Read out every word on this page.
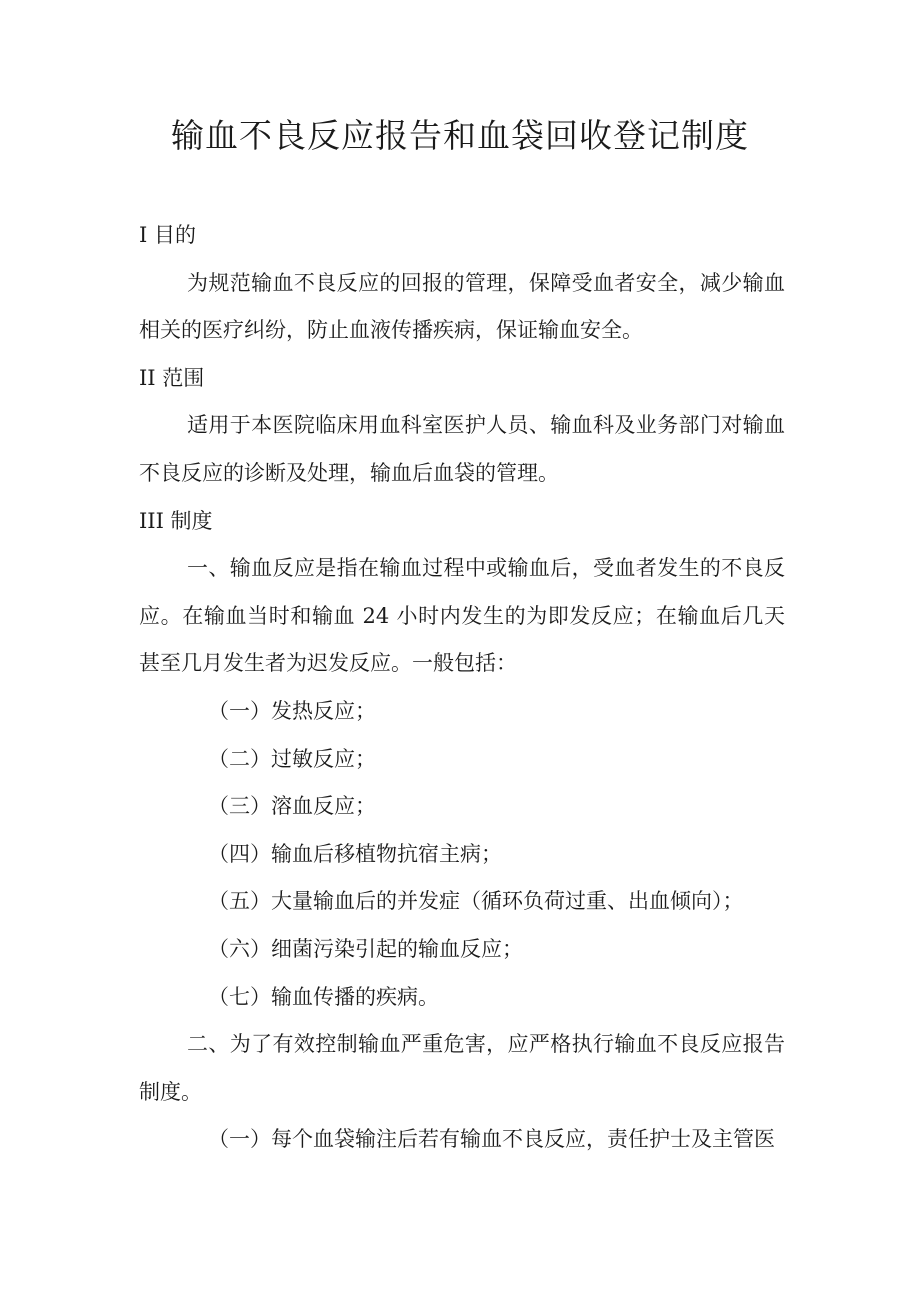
输血不良反应报告和血袋回收登记制度

I 目的

为规范输血不良反应的回报的管理，保障受血者安全，减少输血相关的医疗纠纷，防止血液传播疾病，保证输血安全。

II 范围

适用于本医院临床用血科室医护人员、输血科及业务部门对输血不良反应的诊断及处理，输血后血袋的管理。

III 制度

一、输血反应是指在输血过程中或输血后，受血者发生的不良反应。在输血当时和输血 24 小时内发生的为即发反应；在输血后几天甚至几月发生者为迟发反应。一般包括：

（一）发热反应；

（二）过敏反应；

（三）溶血反应；

（四）输血后移植物抗宿主病；

（五）大量输血后的并发症（循环负荷过重、出血倾向）；

（六）细菌污染引起的输血反应；

（七）输血传播的疾病。

二、为了有效控制输血严重危害，应严格执行输血不良反应报告制度。

（一）每个血袋输注后若有输血不良反应，责任护士及主管医
